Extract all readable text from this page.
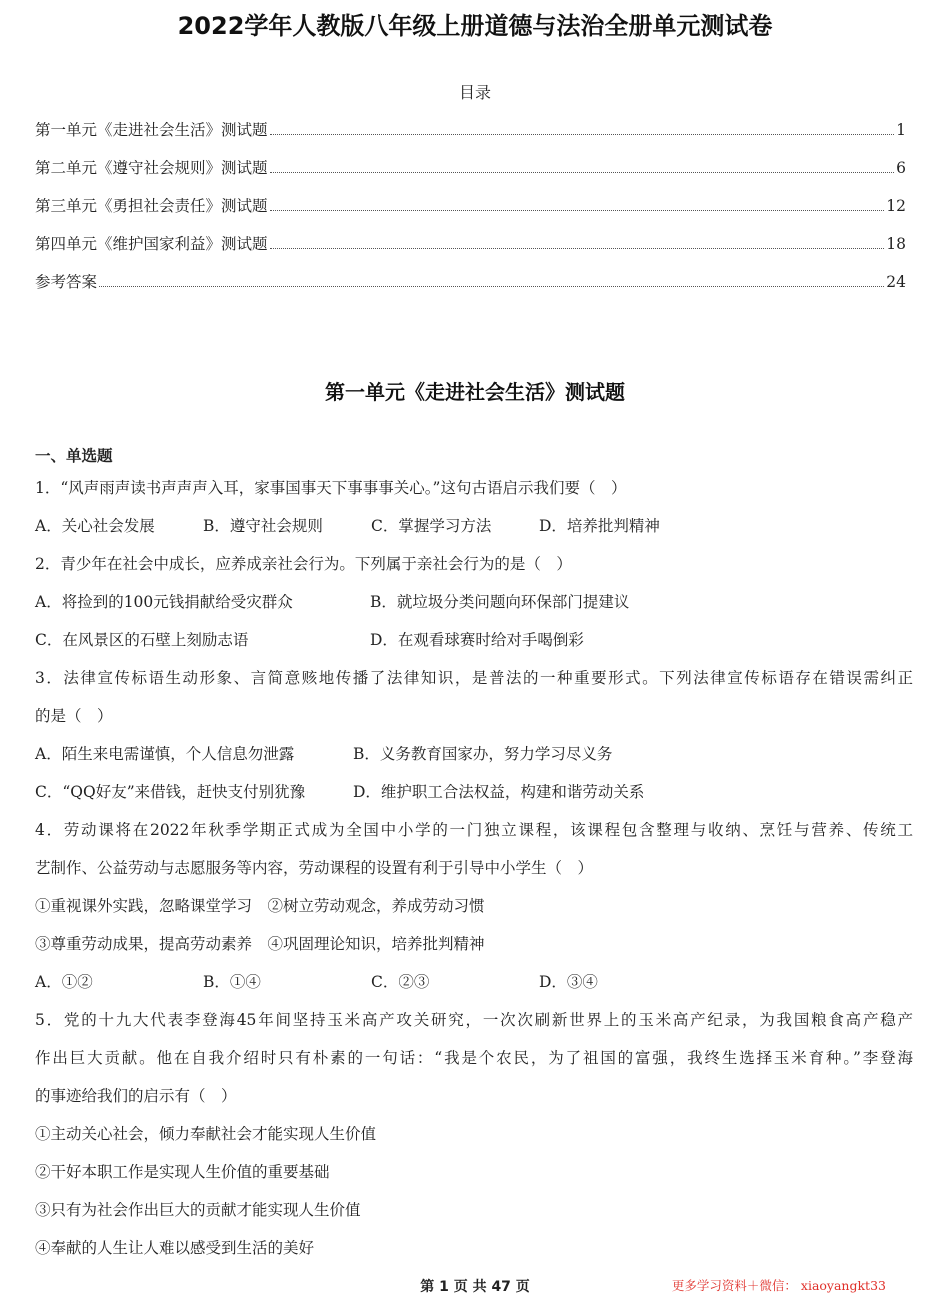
2022学年人教版八年级上册道德与法治全册单元测试卷
目录
第一单元《走进社会生活》测试题	1
第二单元《遵守社会规则》测试题	6
第三单元《勇担社会责任》测试题	12
第四单元《维护国家利益》测试题	18
参考答案	24
第一单元《走进社会生活》测试题
一、单选题
1．“风声雨声读书声声声入耳，家事国事天下事事事关心。”这句古语启示我们要（　）
A．关心社会发展	B．遵守社会规则	C．掌握学习方法	D．培养批判精神
2．青少年在社会中成长，应养成亲社会行为。下列属于亲社会行为的是（　）
A．将捡到的100元钱捐献给受灾群众	B．就垃圾分类问题向环保部门提建议
C．在风景区的石壁上刻励志语	D．在观看球赛时给对手喝倒彩
3．法律宣传标语生动形象、言简意赅地传播了法律知识，是普法的一种重要形式。下列法律宣传标语存在错误需纠正
的是（　）
A．陌生来电需谨慎，个人信息勿泄露	B．义务教育国家办，努力学习尽义务
C．“QQ好友”来借钱，赶快支付别犹豫	D．维护职工合法权益，构建和谐劳动关系
4．劳动课将在2022年秋季学期正式成为全国中小学的一门独立课程，该课程包含整理与收纳、烹饪与营养、传统工
艺制作、公益劳动与志愿服务等内容，劳动课程的设置有利于引导中小学生（　）
①重视课外实践，忽略课堂学习　②树立劳动观念，养成劳动习惯
③尊重劳动成果，提高劳动素养　④巩固理论知识，培养批判精神
A．①②	B．①④	C．②③	D．③④
5．党的十九大代表李登海45年间坚持玉米高产攻关研究，一次次刷新世界上的玉米高产纪录，为我国粮食高产稳产
作出巨大贡献。他在自我介绍时只有朴素的一句话：“我是个农民，为了祖国的富强，我终生选择玉米育种。”李登海
的事迹给我们的启示有（　）
①主动关心社会，倾力奉献社会才能实现人生价值
②干好本职工作是实现人生价值的重要基础
③只有为社会作出巨大的贡献才能实现人生价值
④奉献的人生让人难以感受到生活的美好
第 1 页 共 47 页	更多学习资料＋微信： xiaoyangkt33
